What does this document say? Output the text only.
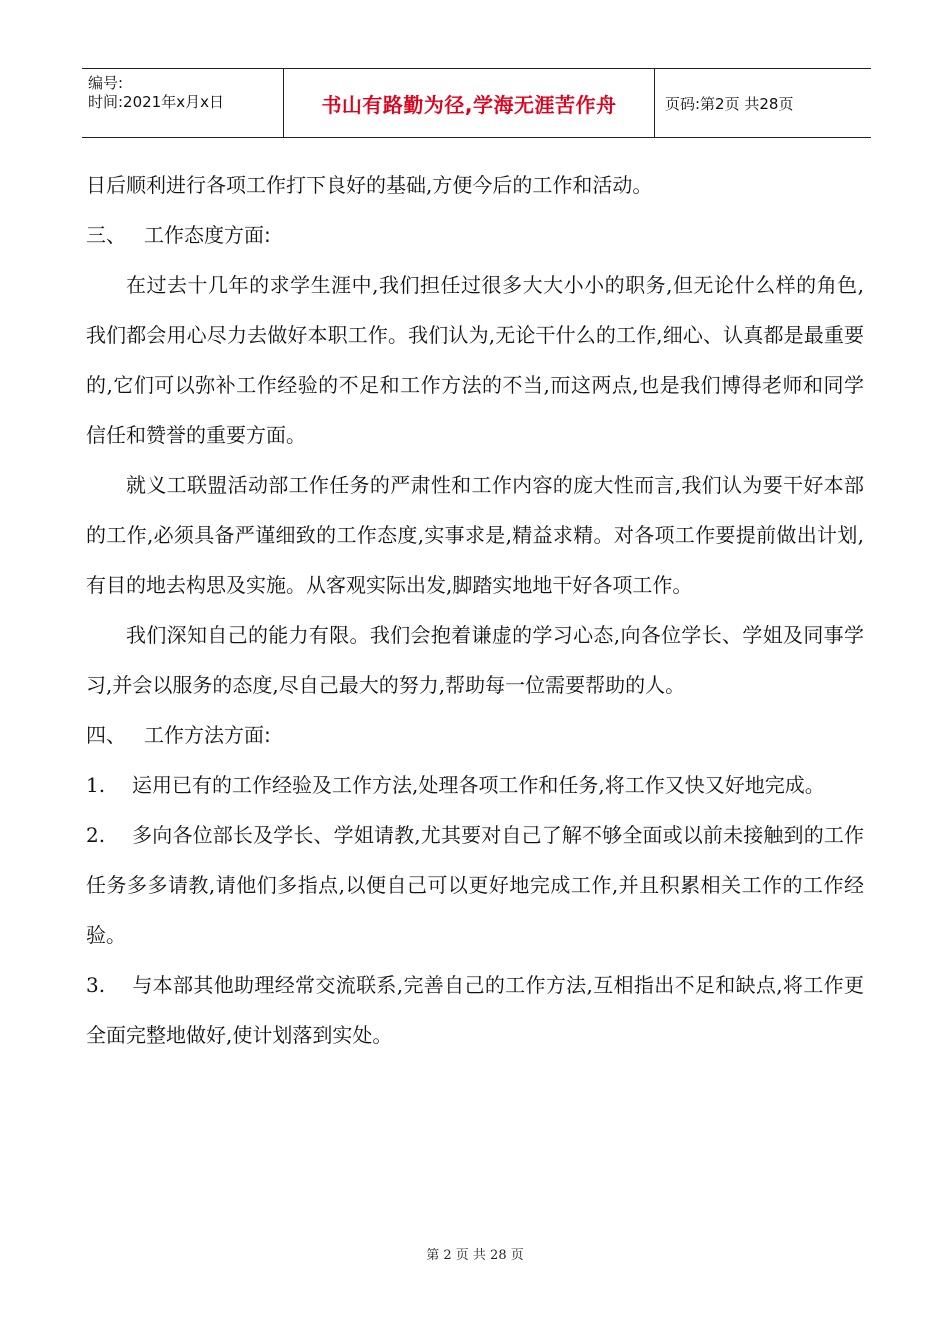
编号:
时间:2021年x月x日	书山有路勤为径,学海无涯苦作舟	页码:第2页 共28页

日后顺利进行各项工作打下良好的基础,方便今后的工作和活动。

三、 工作态度方面:

在过去十几年的求学生涯中,我们担任过很多大大小小的职务,但无论什么样的角色,我们都会用心尽力去做好本职工作。我们认为,无论干什么的工作,细心、认真都是最重要的,它们可以弥补工作经验的不足和工作方法的不当,而这两点,也是我们博得老师和同学信任和赞誉的重要方面。

就义工联盟活动部工作任务的严肃性和工作内容的庞大性而言,我们认为要干好本部的工作,必须具备严谨细致的工作态度,实事求是,精益求精。对各项工作要提前做出计划,有目的地去构思及实施。从客观实际出发,脚踏实地地干好各项工作。

我们深知自己的能力有限。我们会抱着谦虚的学习心态,向各位学长、学姐及同事学习,并会以服务的态度,尽自己最大的努力,帮助每一位需要帮助的人。

四、 工作方法方面:

1. 运用已有的工作经验及工作方法,处理各项工作和任务,将工作又快又好地完成。

2. 多向各位部长及学长、学姐请教,尤其要对自己了解不够全面或以前未接触到的工作任务多多请教,请他们多指点,以便自己可以更好地完成工作,并且积累相关工作的工作经验。

3. 与本部其他助理经常交流联系,完善自己的工作方法,互相指出不足和缺点,将工作更全面完整地做好,使计划落到实处。

第 2 页 共 28 页
